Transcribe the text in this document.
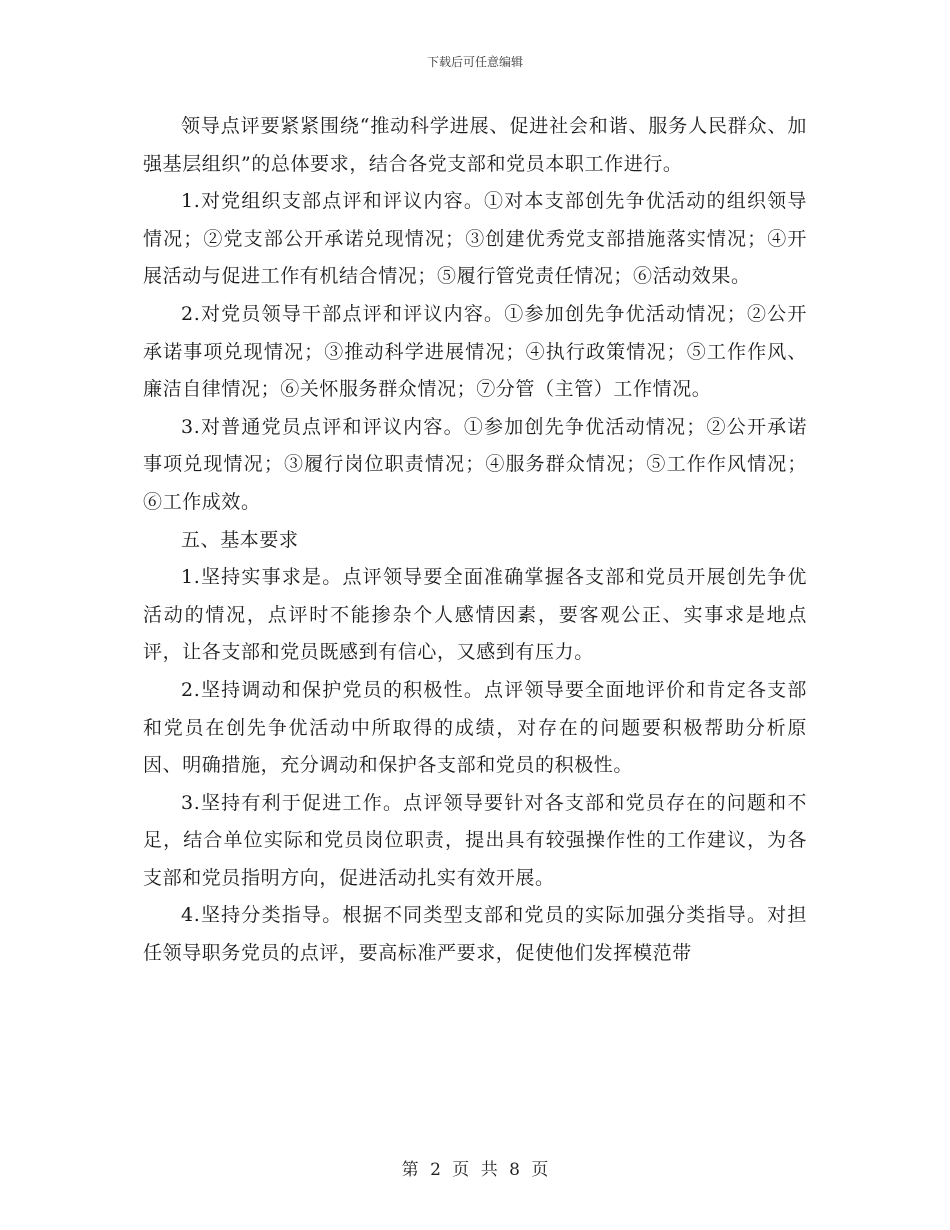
下载后可任意编辑

领导点评要紧紧围绕“推动科学进展、促进社会和谐、服务人民群众、加强基层组织”的总体要求，结合各党支部和党员本职工作进行。

1.对党组织支部点评和评议内容。①对本支部创先争优活动的组织领导情况；②党支部公开承诺兑现情况；③创建优秀党支部措施落实情况；④开展活动与促进工作有机结合情况；⑤履行管党责任情况；⑥活动效果。

2.对党员领导干部点评和评议内容。①参加创先争优活动情况；②公开承诺事项兑现情况；③推动科学进展情况；④执行政策情况；⑤工作作风、廉洁自律情况；⑥关怀服务群众情况；⑦分管（主管）工作情况。

3.对普通党员点评和评议内容。①参加创先争优活动情况；②公开承诺事项兑现情况；③履行岗位职责情况；④服务群众情况；⑤工作作风情况；⑥工作成效。

五、基本要求

1.坚持实事求是。点评领导要全面准确掌握各支部和党员开展创先争优活动的情况，点评时不能掺杂个人感情因素，要客观公正、实事求是地点评，让各支部和党员既感到有信心，又感到有压力。

2.坚持调动和保护党员的积极性。点评领导要全面地评价和肯定各支部和党员在创先争优活动中所取得的成绩，对存在的问题要积极帮助分析原因、明确措施，充分调动和保护各支部和党员的积极性。

3.坚持有利于促进工作。点评领导要针对各支部和党员存在的问题和不足，结合单位实际和党员岗位职责，提出具有较强操作性的工作建议，为各支部和党员指明方向，促进活动扎实有效开展。

4.坚持分类指导。根据不同类型支部和党员的实际加强分类指导。对担任领导职务党员的点评，要高标准严要求，促使他们发挥模范带

第 2 页 共 8 页
